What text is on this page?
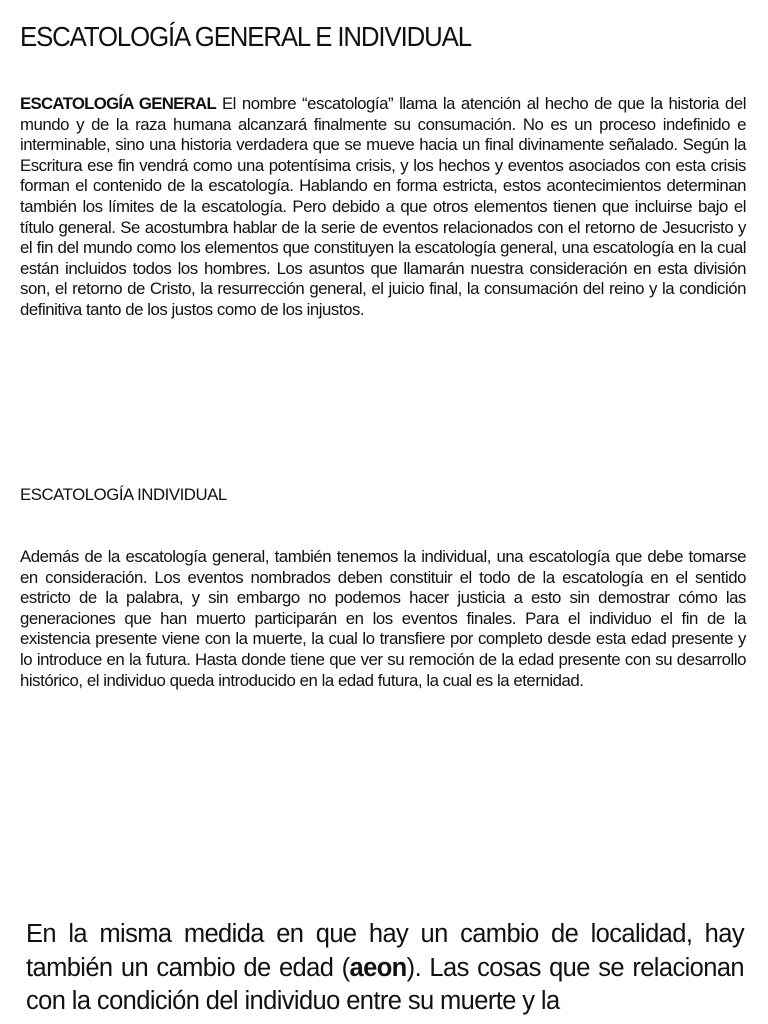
ESCATOLOGÍA GENERAL E INDIVIDUAL

ESCATOLOGÍA GENERAL El nombre “escatología” llama la atención al hecho de que la historia del mundo y de la raza humana alcanzará finalmente su consumación. No es un proceso indefinido e interminable, sino una historia verdadera que se mueve hacia un final divinamente señalado. Según la Escritura ese fin vendrá como una potentísima crisis, y los hechos y eventos asociados con esta crisis forman el contenido de la escatología. Hablando en forma estricta, estos acontecimientos determinan también los límites de la escatología. Pero debido a que otros elementos tienen que incluirse bajo el título general. Se acostumbra hablar de la serie de eventos relacionados con el retorno de Jesucristo y el fin del mundo como los elementos que constituyen la escatología general, una escatología en la cual están incluidos todos los hombres. Los asuntos que llamarán nuestra consideración en esta división son, el retorno de Cristo, la resurrección general, el juicio final, la consumación del reino y la condición definitiva tanto de los justos como de los injustos.

ESCATOLOGÍA INDIVIDUAL

Además de la escatología general, también tenemos la individual, una escatología que debe tomarse en consideración. Los eventos nombrados deben constituir el todo de la escatología en el sentido estricto de la palabra, y sin embargo no podemos hacer justicia a esto sin demostrar cómo las generaciones que han muerto participarán en los eventos finales. Para el individuo el fin de la existencia presente viene con la muerte, la cual lo transfiere por completo desde esta edad presente y lo introduce en la futura. Hasta donde tiene que ver su remoción de la edad presente con su desarrollo histórico, el individuo queda introducido en la edad futura, la cual es la eternidad.

En la misma medida en que hay un cambio de localidad, hay también un cambio de edad (aeon). Las cosas que se relacionan con la condición del individuo entre su muerte y la
